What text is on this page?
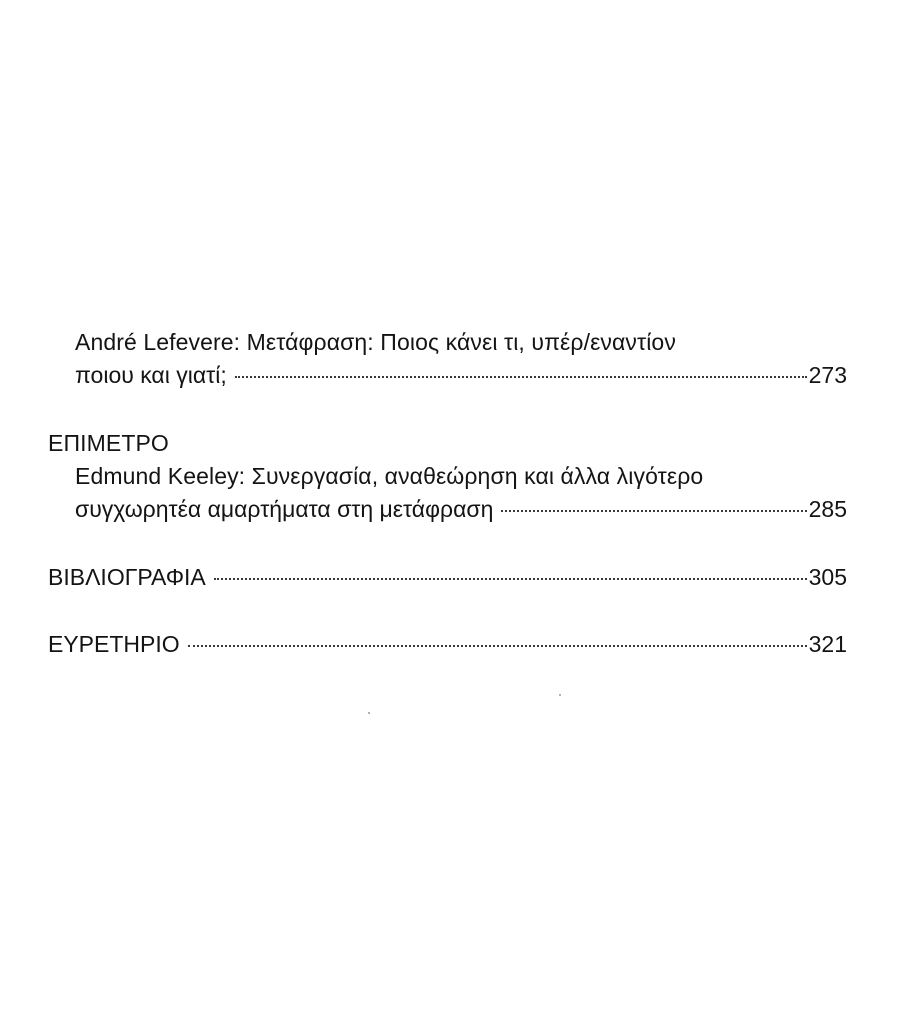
André Lefevere: Μετάφραση: Ποιος κάνει τι, υπέρ/εναντίον
ποιου και γιατί;	273
ΕΠΙΜΕΤΡΟ
Edmund Keeley: Συνεργασία, αναθεώρηση και άλλα λιγότερο
συγχωρητέα αμαρτήματα στη μετάφραση	285
ΒΙΒΛΙΟΓΡΑΦΙΑ	305
ΕΥΡΕΤΗΡΙΟ	321
